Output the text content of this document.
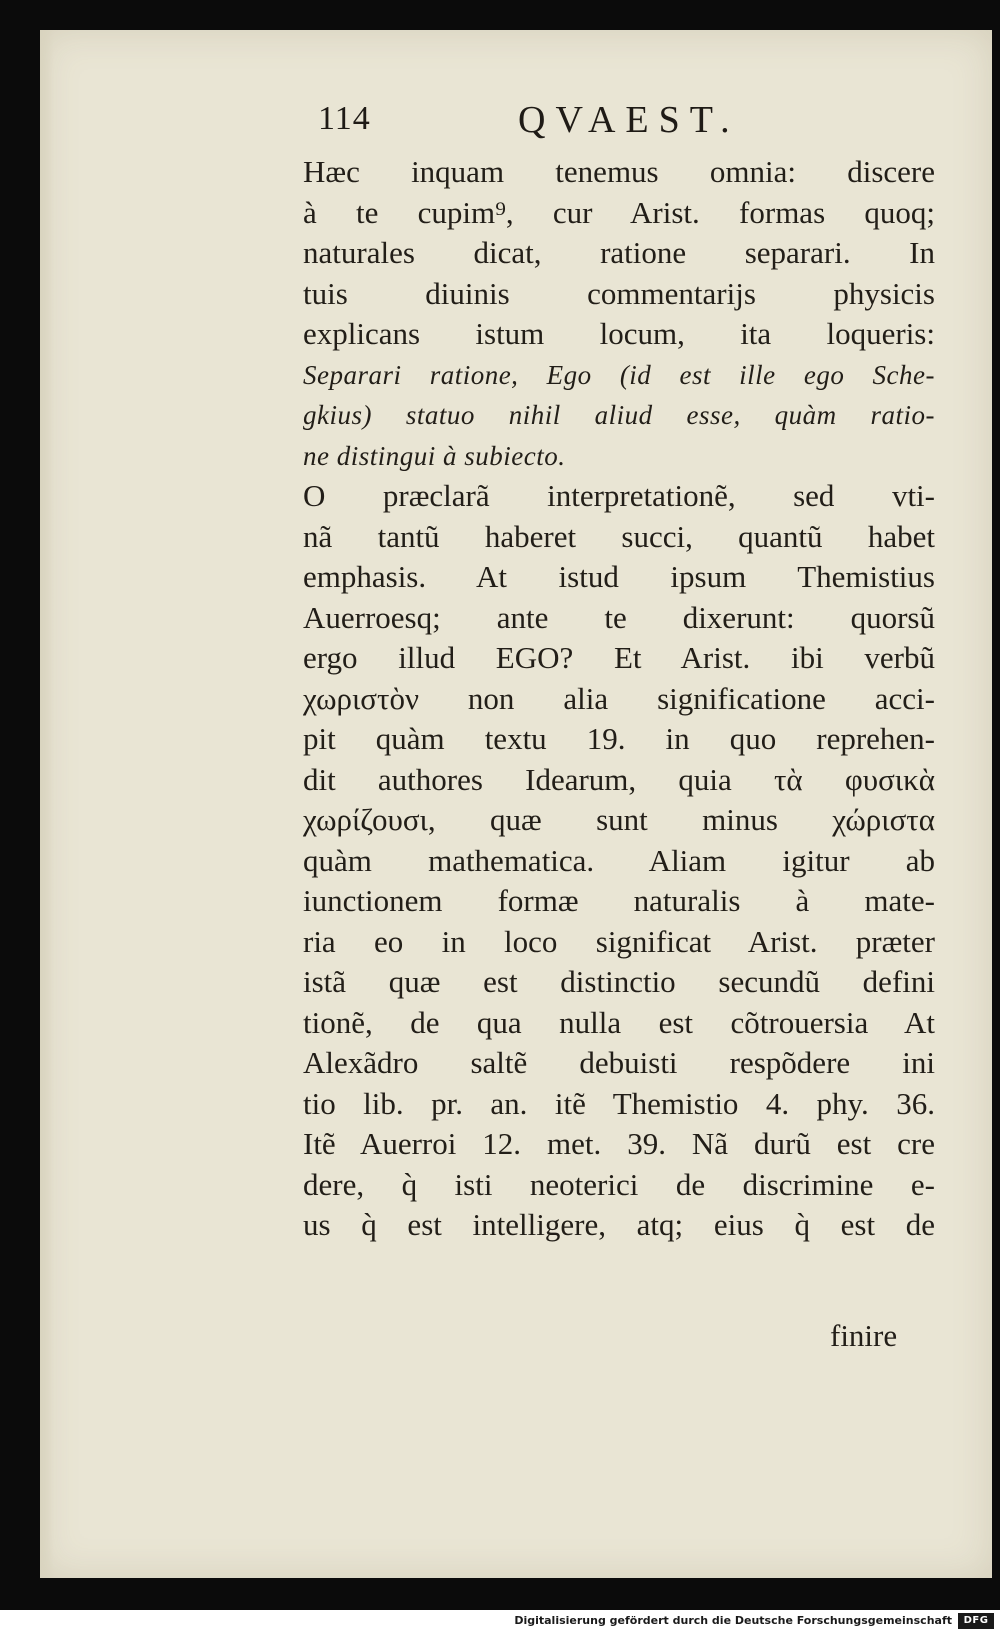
114	QVAEST.
Hæc inquam tenemus omnia: discere
à te cupim⁹, cur Arist. formas quoq;
naturales dicat, ratione separari. In
tuis diuinis commentarijs physicis
explicans istum locum, ita loqueris:
Separari ratione, Ego (id est ille ego Sche-
gkius) statuo nihil aliud esse, quàm ratio-
ne distingui à subiecto.
O præclarã interpretationẽ, sed vti-
nã tantũ haberet succi, quantũ habet
emphasis. At istud ipsum Themistius
Auerroesq; ante te dixerunt: quorsũ
ergo illud EGO? Et Arist. ibi verbũ
χωριστὸν non alia significatione acci-
pit quàm textu 19. in quo reprehen-
dit authores Idearum, quia τὰ φυσικὰ
χωρίζουσι, quæ sunt minus χώριστα
quàm mathematica. Aliam igitur ab
iunctionem formæ naturalis à mate-
ria eo in loco significat Arist. præter
istã quæ est distinctio secundũ defini
tionẽ, de qua nulla est cõtrouersia At
Alexãdro saltẽ debuisti respõdere ini
tio lib. pr. an. itẽ Themistio 4. phy. 36.
Itẽ Auerroi 12. met. 39. Nã durũ est cre
dere, q̀ isti neoterici de discrimine e-
us q̀ est intelligere, atq; eius q̀ est de
finire
Digitalisierung gefördert durch die Deutsche Forschungsgemeinschaft	DFG
